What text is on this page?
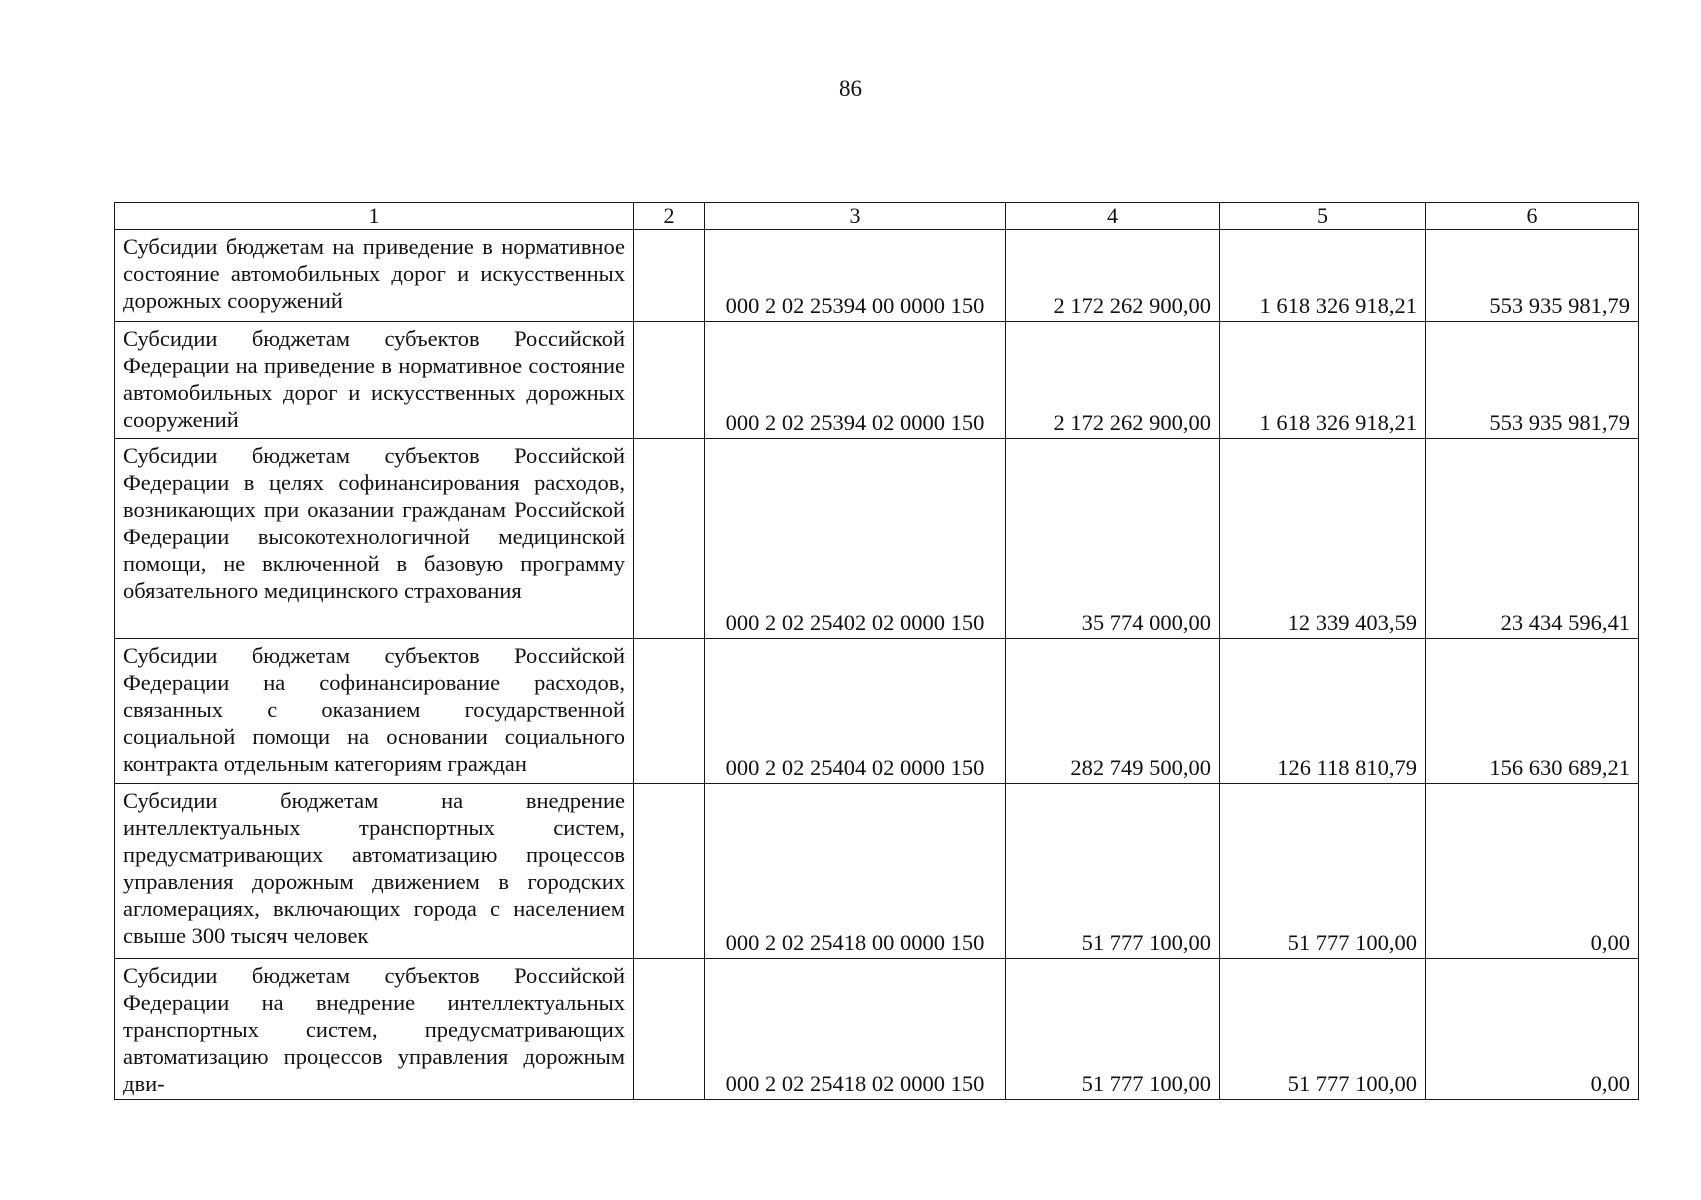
86
1	2	3	4	5	6
Субсидии бюджетам на приведение в нормативное состояние автомобильных дорог и искусственных дорожных сооружений		000 2 02 25394 00 0000 150	2 172 262 900,00	1 618 326 918,21	553 935 981,79
Субсидии бюджетам субъектов Российской Федерации на приведение в нормативное состояние автомобильных дорог и искусственных дорожных сооружений		000 2 02 25394 02 0000 150	2 172 262 900,00	1 618 326 918,21	553 935 981,79
Субсидии бюджетам субъектов Российской Федерации в целях софинансирования расходов, возникающих при оказании гражданам Российской Федерации высокотехнологичной медицинской помощи, не включенной в базовую программу обязательного медицинского страхования		000 2 02 25402 02 0000 150	35 774 000,00	12 339 403,59	23 434 596,41
Субсидии бюджетам субъектов Российской Федерации на софинансирование расходов, связанных с оказанием государственной социальной помощи на основании социального контракта отдельным категориям граждан		000 2 02 25404 02 0000 150	282 749 500,00	126 118 810,79	156 630 689,21
Субсидии бюджетам на внедрение интеллектуальных транспортных систем, предусматривающих автоматизацию процессов управления дорожным движением в городских агломерациях, включающих города с населением свыше 300 тысяч человек		000 2 02 25418 00 0000 150	51 777 100,00	51 777 100,00	0,00
Субсидии бюджетам субъектов Российской Федерации на внедрение интеллектуальных транспортных систем, предусматривающих автоматизацию процессов управления дорожным дви-		000 2 02 25418 02 0000 150	51 777 100,00	51 777 100,00	0,00
